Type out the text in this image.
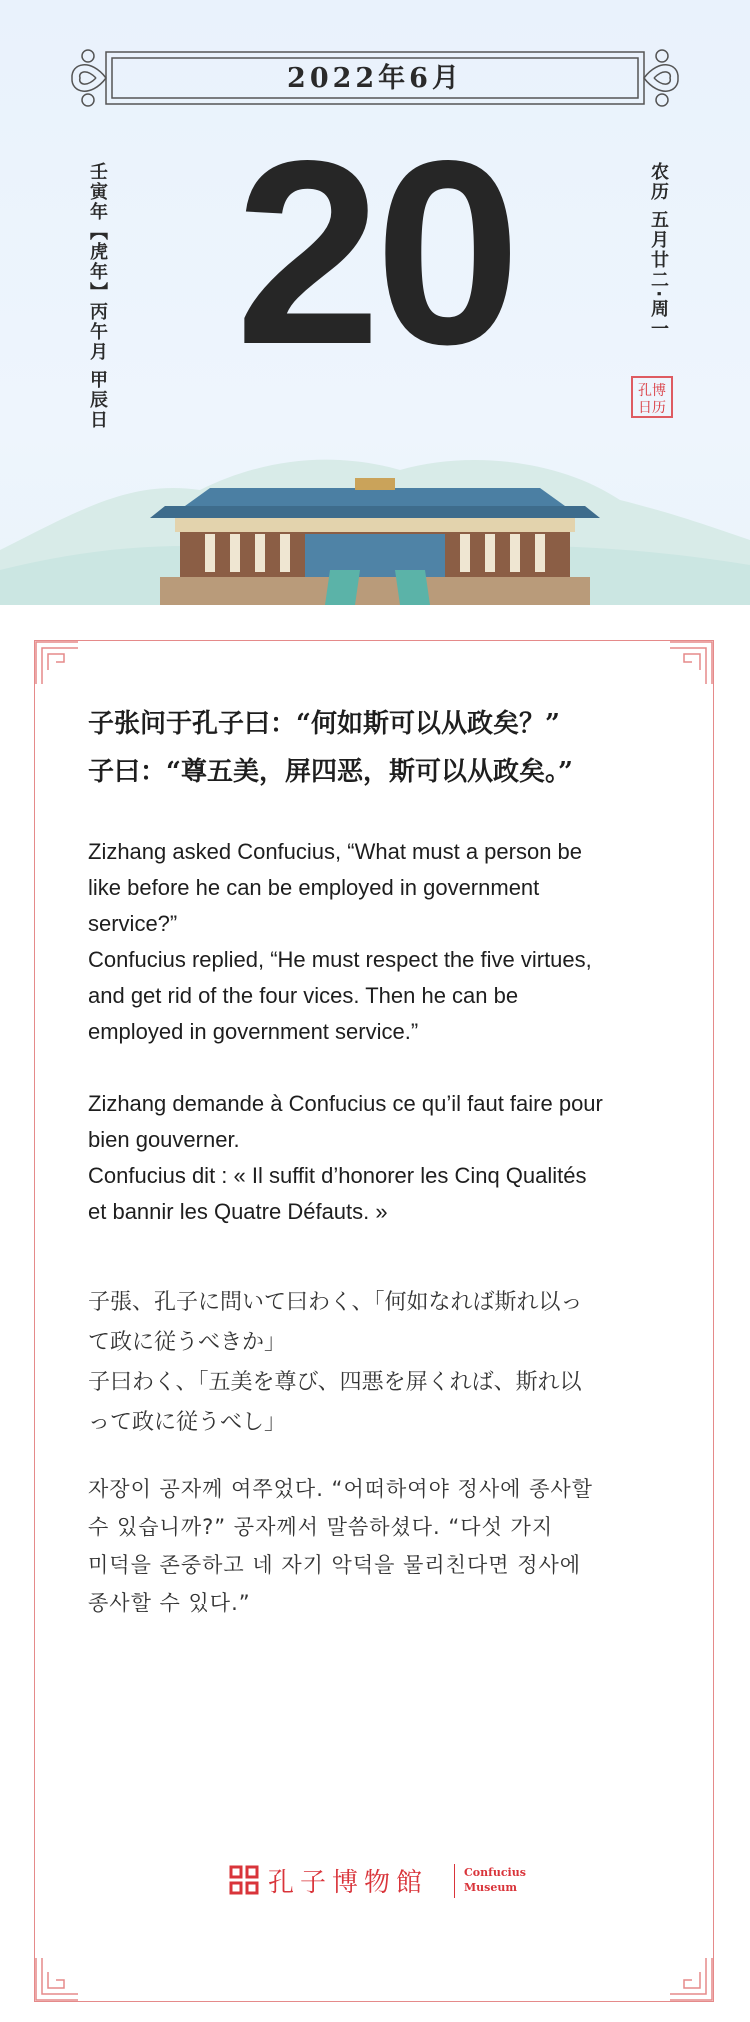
2022年6月
20
壬寅年【虎年】丙午月 甲辰日	农历 五月廿二·周一
孔博
日历

子张问于孔子曰：“何如斯可以从政矣？”

子曰：“尊五美，屏四恶，斯可以从政矣。”

Zizhang asked Confucius, “What must a person be

like before he can be employed in government

service?”

Confucius replied, “He must respect the five virtues,

and get rid of the four vices. Then he can be

employed in government service.”

Zizhang demande à Confucius ce qu’il faut faire pour

bien gouverner.

Confucius dit : « Il suffit d’honorer les Cinq Qualités

et bannir les Quatre Défauts. »

子張、孔子に問いて曰わく、「何如なれば斯れ以っ

て政に従うべきか」

子曰わく、「五美を尊び、四悪を屏くれば、斯れ以

って政に従うべし」

자장이 공자께 여쭈었다. “어떠하여야 정사에 종사할

수 있습니까?” 공자께서 말씀하셨다. “다섯 가지

미덕을 존중하고 네 자기 악덕을 물리친다면 정사에

종사할 수 있다.”

孔子博物館	Confucius
Museum
